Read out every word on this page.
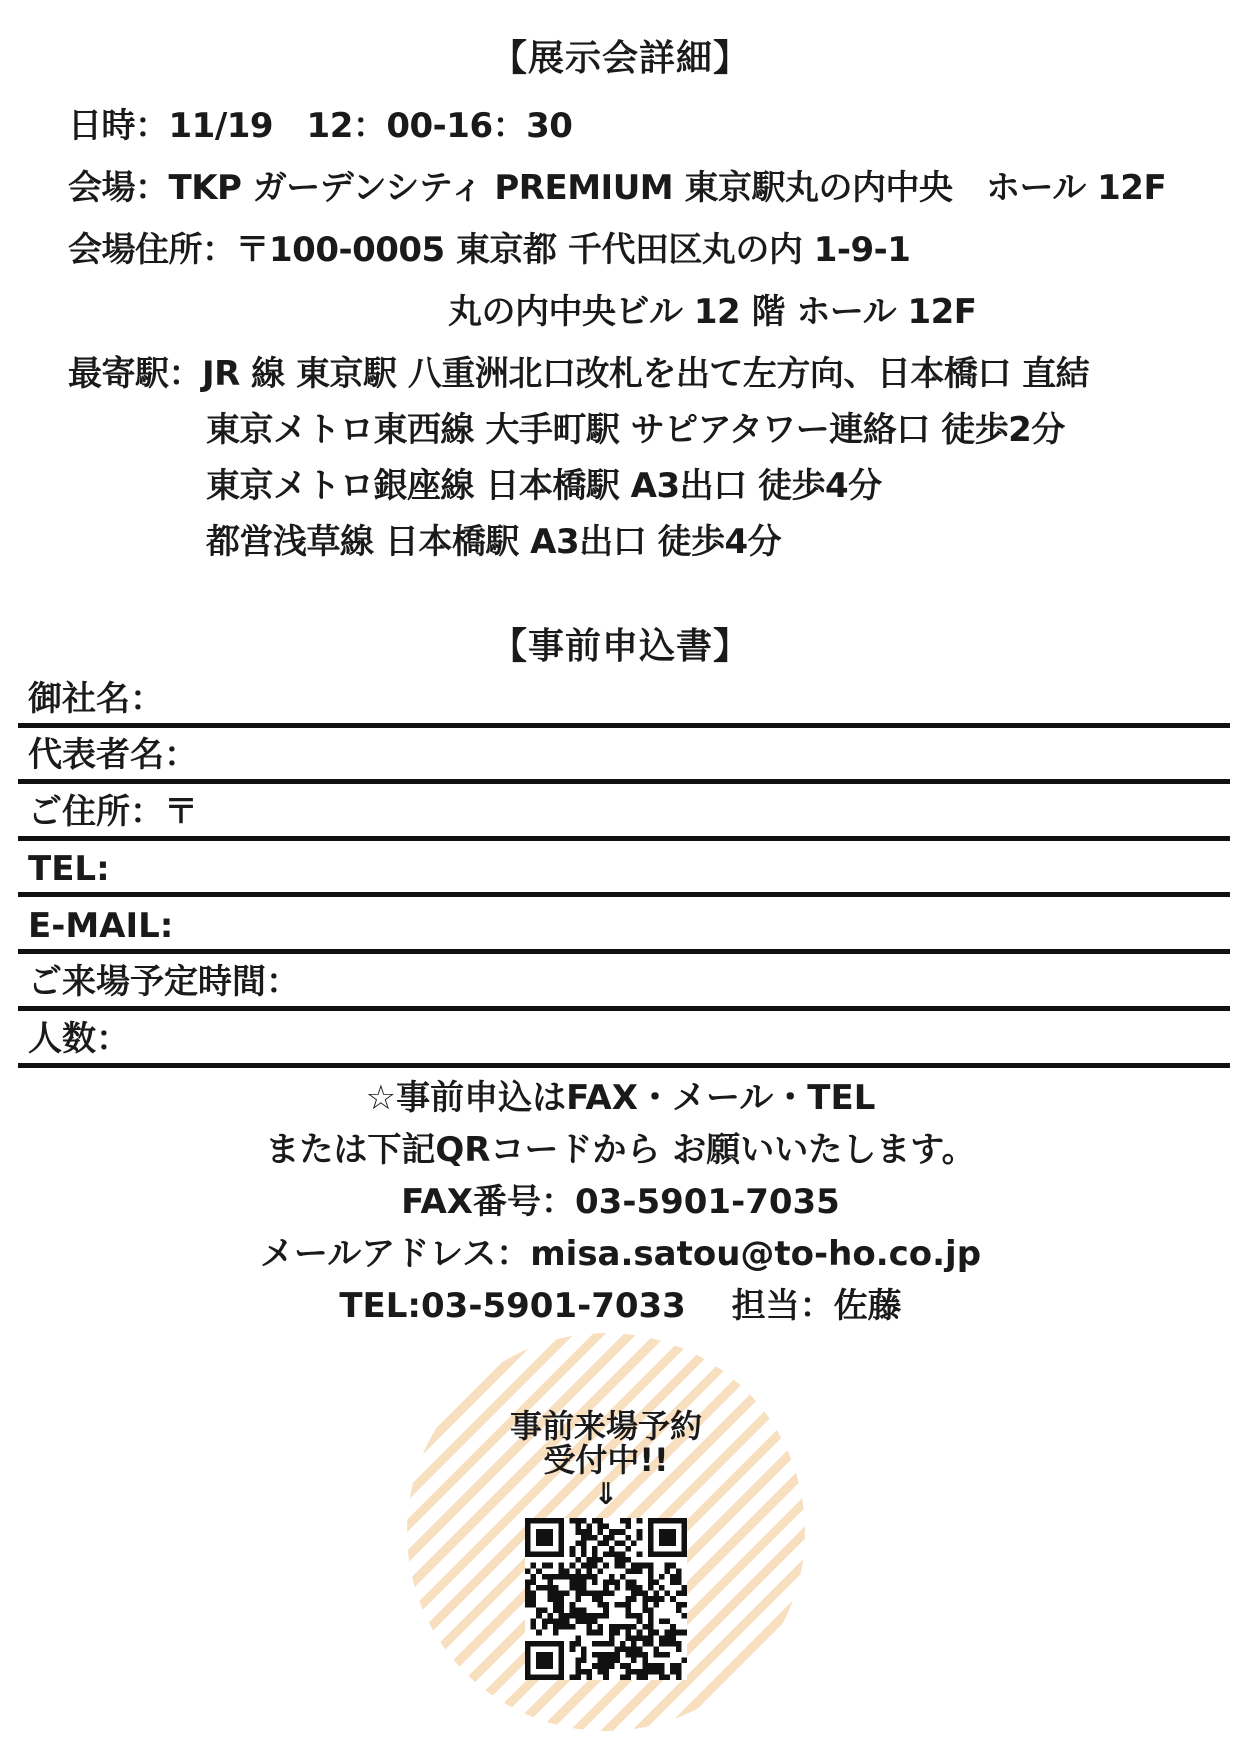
【展示会詳細】
日時：11/19　12：00-16：30
会場：TKP ガーデンシティ PREMIUM 東京駅丸の内中央　ホール 12F
会場住所：〒100-0005 東京都 千代田区丸の内 1-9-1
丸の内中央ビル 12 階 ホール 12F
最寄駅：JR 線 東京駅 八重洲北口改札を出て左方向、日本橋口 直結
東京メトロ東西線 大手町駅 サピアタワー連絡口 徒歩2分
東京メトロ銀座線 日本橋駅 A3出口 徒歩4分
都営浅草線 日本橋駅 A3出口 徒歩4分
【事前申込書】
御社名：
代表者名：
ご住所：〒
TEL:
E-MAIL:
ご来場予定時間：
人数：
☆事前申込はFAX・メール・TEL
または下記QRコードから お願いいたします。
FAX番号：03-5901-7035
メールアドレス：misa.satou@to-ho.co.jp
TEL:03-5901-7033　 担当：佐藤
事前来場予約
受付中!!
⇓
